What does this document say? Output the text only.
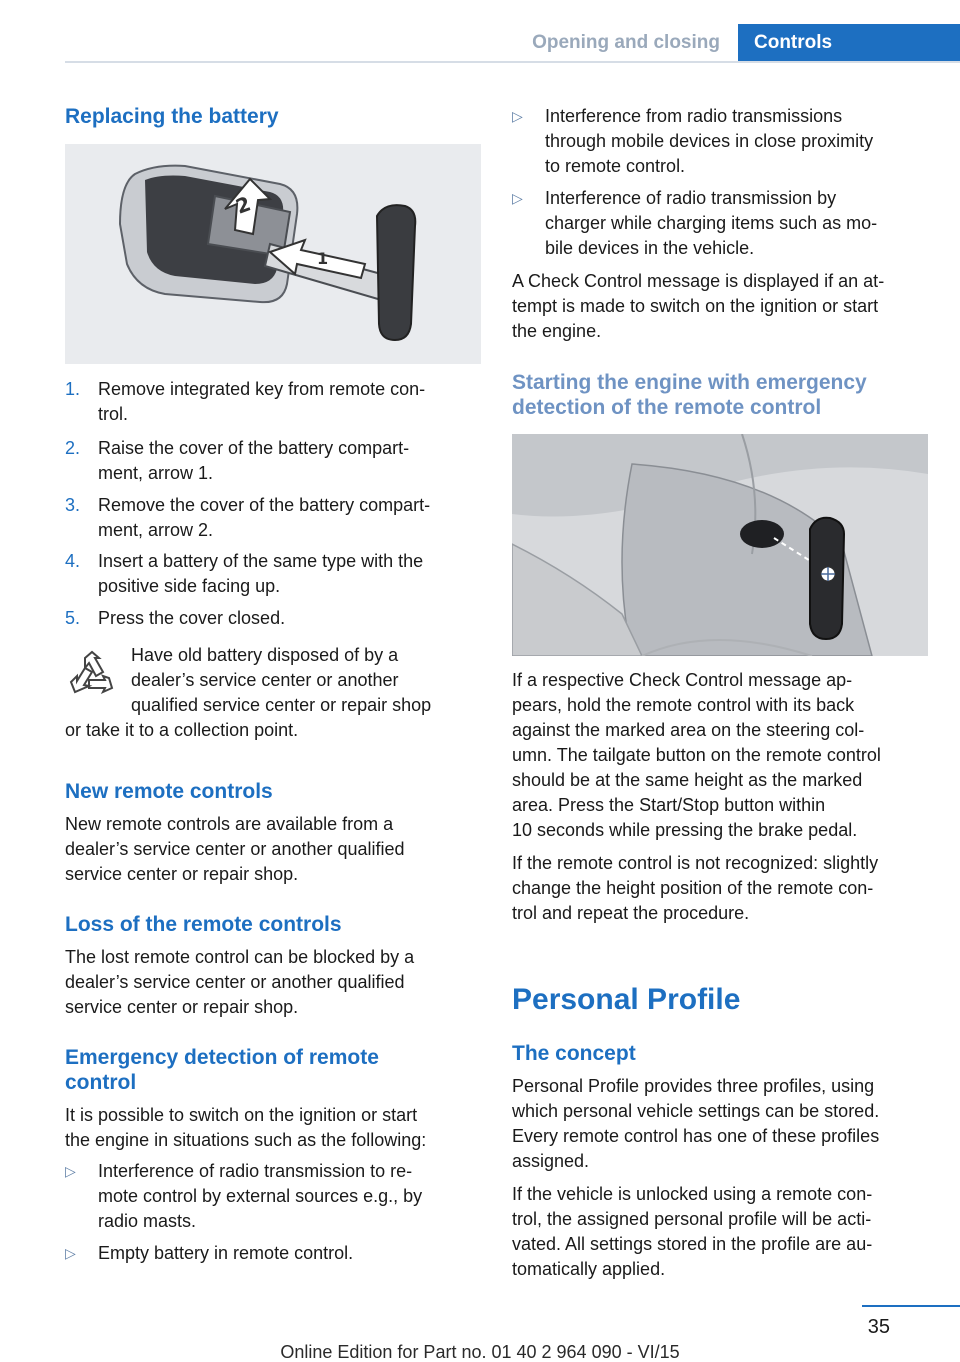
Opening and closing	Controls
Replacing the battery
2
1
1. Remove integrated key from remote con-
trol.
2. Raise the cover of the battery compart-
ment, arrow 1.
3. Remove the cover of the battery compart-
ment, arrow 2.
4. Insert a battery of the same type with the
positive side facing up.
5. Press the cover closed.
Have old battery disposed of by a
dealer’s service center or another
qualified service center or repair shop
or take it to a collection point.
New remote controls
New remote controls are available from a
dealer’s service center or another qualified
service center or repair shop.
Loss of the remote controls
The lost remote control can be blocked by a
dealer’s service center or another qualified
service center or repair shop.
Emergency detection of remote
control
It is possible to switch on the ignition or start
the engine in situations such as the following:
▷ Interference of radio transmission to re-
mote control by external sources e.g., by
radio masts.
▷ Empty battery in remote control.
▷ Interference from radio transmissions
through mobile devices in close proximity
to remote control.
▷ Interference of radio transmission by
charger while charging items such as mo-
bile devices in the vehicle.
A Check Control message is displayed if an at-
tempt is made to switch on the ignition or start
the engine.
Starting the engine with emergency
detection of the remote control
If a respective Check Control message ap-
pears, hold the remote control with its back
against the marked area on the steering col-
umn. The tailgate button on the remote control
should be at the same height as the marked
area. Press the Start/Stop button within
10 seconds while pressing the brake pedal.
If the remote control is not recognized: slightly
change the height position of the remote con-
trol and repeat the procedure.
Personal Profile
The concept
Personal Profile provides three profiles, using
which personal vehicle settings can be stored.
Every remote control has one of these profiles
assigned.
If the vehicle is unlocked using a remote con-
trol, the assigned personal profile will be acti-
vated. All settings stored in the profile are au-
tomatically applied.
35
Online Edition for Part no. 01 40 2 964 090 - VI/15
